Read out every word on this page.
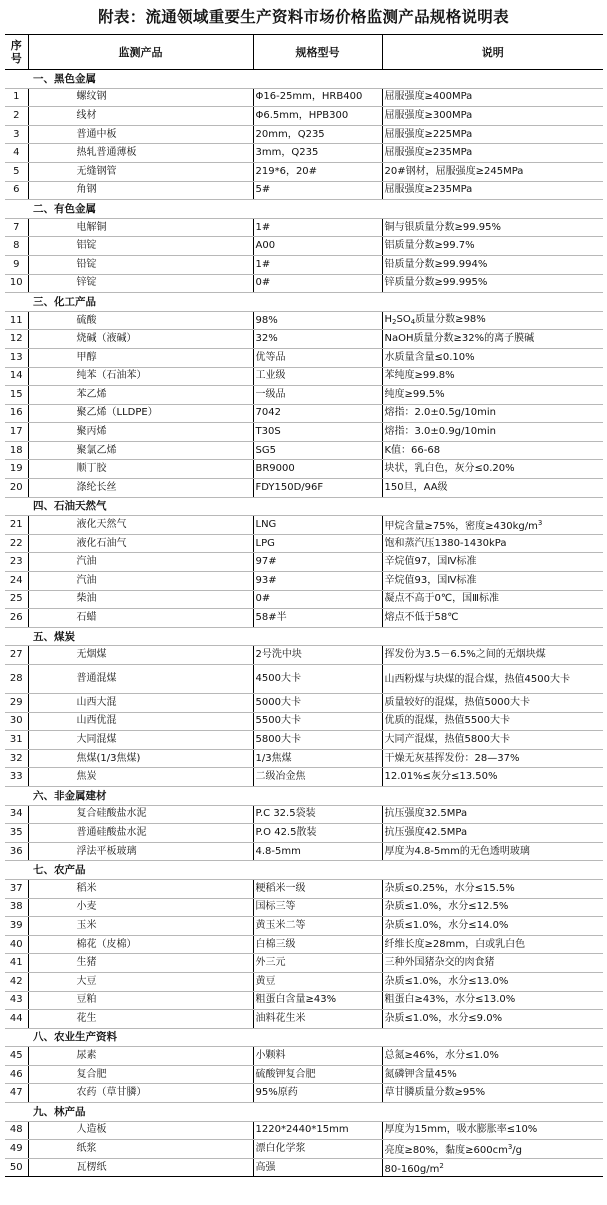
附表：流通领域重要生产资料市场价格监测产品规格说明表
序
号	监测产品	规格型号	说明
一、黑色金属			
1	螺纹钢	Φ16-25mm，HRB400	屈服强度≥400MPa
2	线材	Φ6.5mm，HPB300	屈服强度≥300MPa
3	普通中板	20mm，Q235	屈服强度≥225MPa
4	热轧普通薄板	3mm，Q235	屈服强度≥235MPa
5	无缝钢管	219*6，20#	20#钢材，屈服强度≥245MPa
6	角钢	5#	屈服强度≥235MPa
二、有色金属			
7	电解铜	1#	铜与银质量分数≥99.95%
8	铝锭	A00	铝质量分数≥99.7%
9	铅锭	1#	铅质量分数≥99.994%
10	锌锭	0#	锌质量分数≥99.995%
三、化工产品			
11	硫酸	98%	$H_2SO_4$质量分数≥98%
12	烧碱（液碱）	32%	NaOH质量分数≥32%的离子膜碱
13	甲醇	优等品	水质量含量≤0.10%
14	纯苯（石油苯）	工业级	苯纯度≥99.8%
15	苯乙烯	一级品	纯度≥99.5%
16	聚乙烯（LLDPE）	7042	熔指：2.0±0.5g/10min
17	聚丙烯	T30S	熔指：3.0±0.9g/10min
18	聚氯乙烯	SG5	K值：66-68
19	顺丁胶	BR9000	块状，乳白色，灰分≤0.20%
20	涤纶长丝	FDY150D/96F	150旦，AA级
四、石油天然气			
21	液化天然气	LNG	甲烷含量≥75%，密度$\ge 430kg/m^3$
22	液化石油气	LPG	饱和蒸汽压1380-1430kPa
23	汽油	97#	辛烷值97，国Ⅳ标准
24	汽油	93#	辛烷值93，国Ⅳ标准
25	柴油	0#	凝点不高于0℃，国Ⅲ标准
26	石蜡	58#半	熔点不低于58℃
五、煤炭			
27	无烟煤	2号洗中块	挥发份为3.5－6.5%之间的无烟块煤
28	普通混煤	4500大卡	山西粉煤与块煤的混合煤，热值4500大卡
29	山西大混	5000大卡	质量较好的混煤，热值5000大卡
30	山西优混	5500大卡	优质的混煤，热值5500大卡
31	大同混煤	5800大卡	大同产混煤，热值5800大卡
32	焦煤(1/3焦煤)	1/3焦煤	干燥无灰基挥发份：28—37%
33	焦炭	二级冶金焦	12.01%≤灰分≤13.50%
六、非金属建材			
34	复合硅酸盐水泥	P.C 32.5袋装	抗压强度32.5MPa
35	普通硅酸盐水泥	P.O 42.5散装	抗压强度42.5MPa
36	浮法平板玻璃	4.8-5mm	厚度为4.8-5mm的无色透明玻璃
七、农产品			
37	稻米	粳稻米一级	杂质≤0.25%，水分≤15.5%
38	小麦	国标三等	杂质≤1.0%，水分≤12.5%
39	玉米	黄玉米二等	杂质≤1.0%，水分≤14.0%
40	棉花（皮棉）	白棉三级	纤维长度≥28mm，白或乳白色
41	生猪	外三元	三种外国猪杂交的肉食猪
42	大豆	黄豆	杂质≤1.0%，水分≤13.0%
43	豆粕	粗蛋白含量≥43%	粗蛋白≥43%，水分≤13.0%
44	花生	油料花生米	杂质≤1.0%，水分≤9.0%
八、农业生产资料			
45	尿素	小颗料	总氮≥46%，水分≤1.0%
46	复合肥	硫酸钾复合肥	氮磷钾含量45%
47	农药（草甘膦）	95%原药	草甘膦质量分数≥95%
九、林产品			
48	人造板	1220*2440*15mm	厚度为15mm，吸水膨胀率≤10%
49	纸浆	漂白化学浆	亮度≥80%，黏度$\ge 600cm^3/g$
50	瓦楞纸	高强	$80-160g/m^2$
